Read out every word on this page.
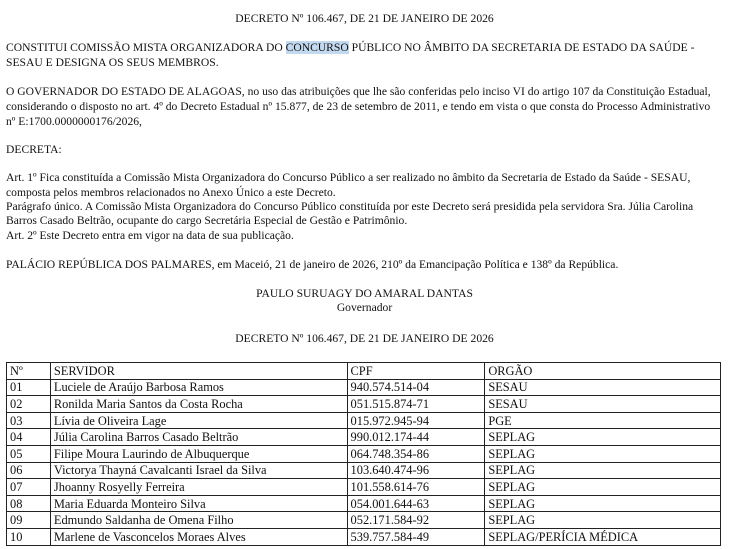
DECRETO Nº 106.467, DE 21 DE JANEIRO DE 2026
CONSTITUI COMISSÃO MISTA ORGANIZADORA DO CONCURSO PÚBLICO NO ÂMBITO DA SECRETARIA DE ESTADO DA SAÚDE -
SESAU E DESIGNA OS SEUS MEMBROS.
O GOVERNADOR DO ESTADO DE ALAGOAS, no uso das atribuições que lhe são conferidas pelo inciso VI do artigo 107 da Constituição Estadual,
considerando o disposto no art. 4º do Decreto Estadual nº 15.877, de 23 de setembro de 2011, e tendo em vista o que consta do Processo Administrativo
nº E:1700.0000000176/2026,
DECRETA:
Art. 1º Fica constituída a Comissão Mista Organizadora do Concurso Público a ser realizado no âmbito da Secretaria de Estado da Saúde - SESAU,
composta pelos membros relacionados no Anexo Único a este Decreto.
Parágrafo único. A Comissão Mista Organizadora do Concurso Público constituída por este Decreto será presidida pela servidora Sra. Júlia Carolina
Barros Casado Beltrão, ocupante do cargo Secretária Especial de Gestão e Patrimônio.
Art. 2º Este Decreto entra em vigor na data de sua publicação.
PALÁCIO REPÚBLICA DOS PALMARES, em Maceió, 21 de janeiro de 2026, 210º da Emancipação Política e 138º da República.
PAULO SURUAGY DO AMARAL DANTAS
Governador
DECRETO Nº 106.467, DE 21 DE JANEIRO DE 2026
Nº	SERVIDOR	CPF	ORGÃO
01	Luciele de Araújo Barbosa Ramos	940.574.514-04	SESAU
02	Ronilda Maria Santos da Costa Rocha	051.515.874-71	SESAU
03	Lívia de Oliveira Lage	015.972.945-94	PGE
04	Júlia Carolina Barros Casado Beltrão	990.012.174-44	SEPLAG
05	Filipe Moura Laurindo de Albuquerque	064.748.354-86	SEPLAG
06	Victorya Thayná Cavalcanti Israel da Silva	103.640.474-96	SEPLAG
07	Jhoanny Rosyelly Ferreira	101.558.614-76	SEPLAG
08	Maria Eduarda Monteiro Silva	054.001.644-63	SEPLAG
09	Edmundo Saldanha de Omena Filho	052.171.584-92	SEPLAG
10	Marlene de Vasconcelos Moraes Alves	539.757.584-49	SEPLAG/PERÍCIA MÉDICA
